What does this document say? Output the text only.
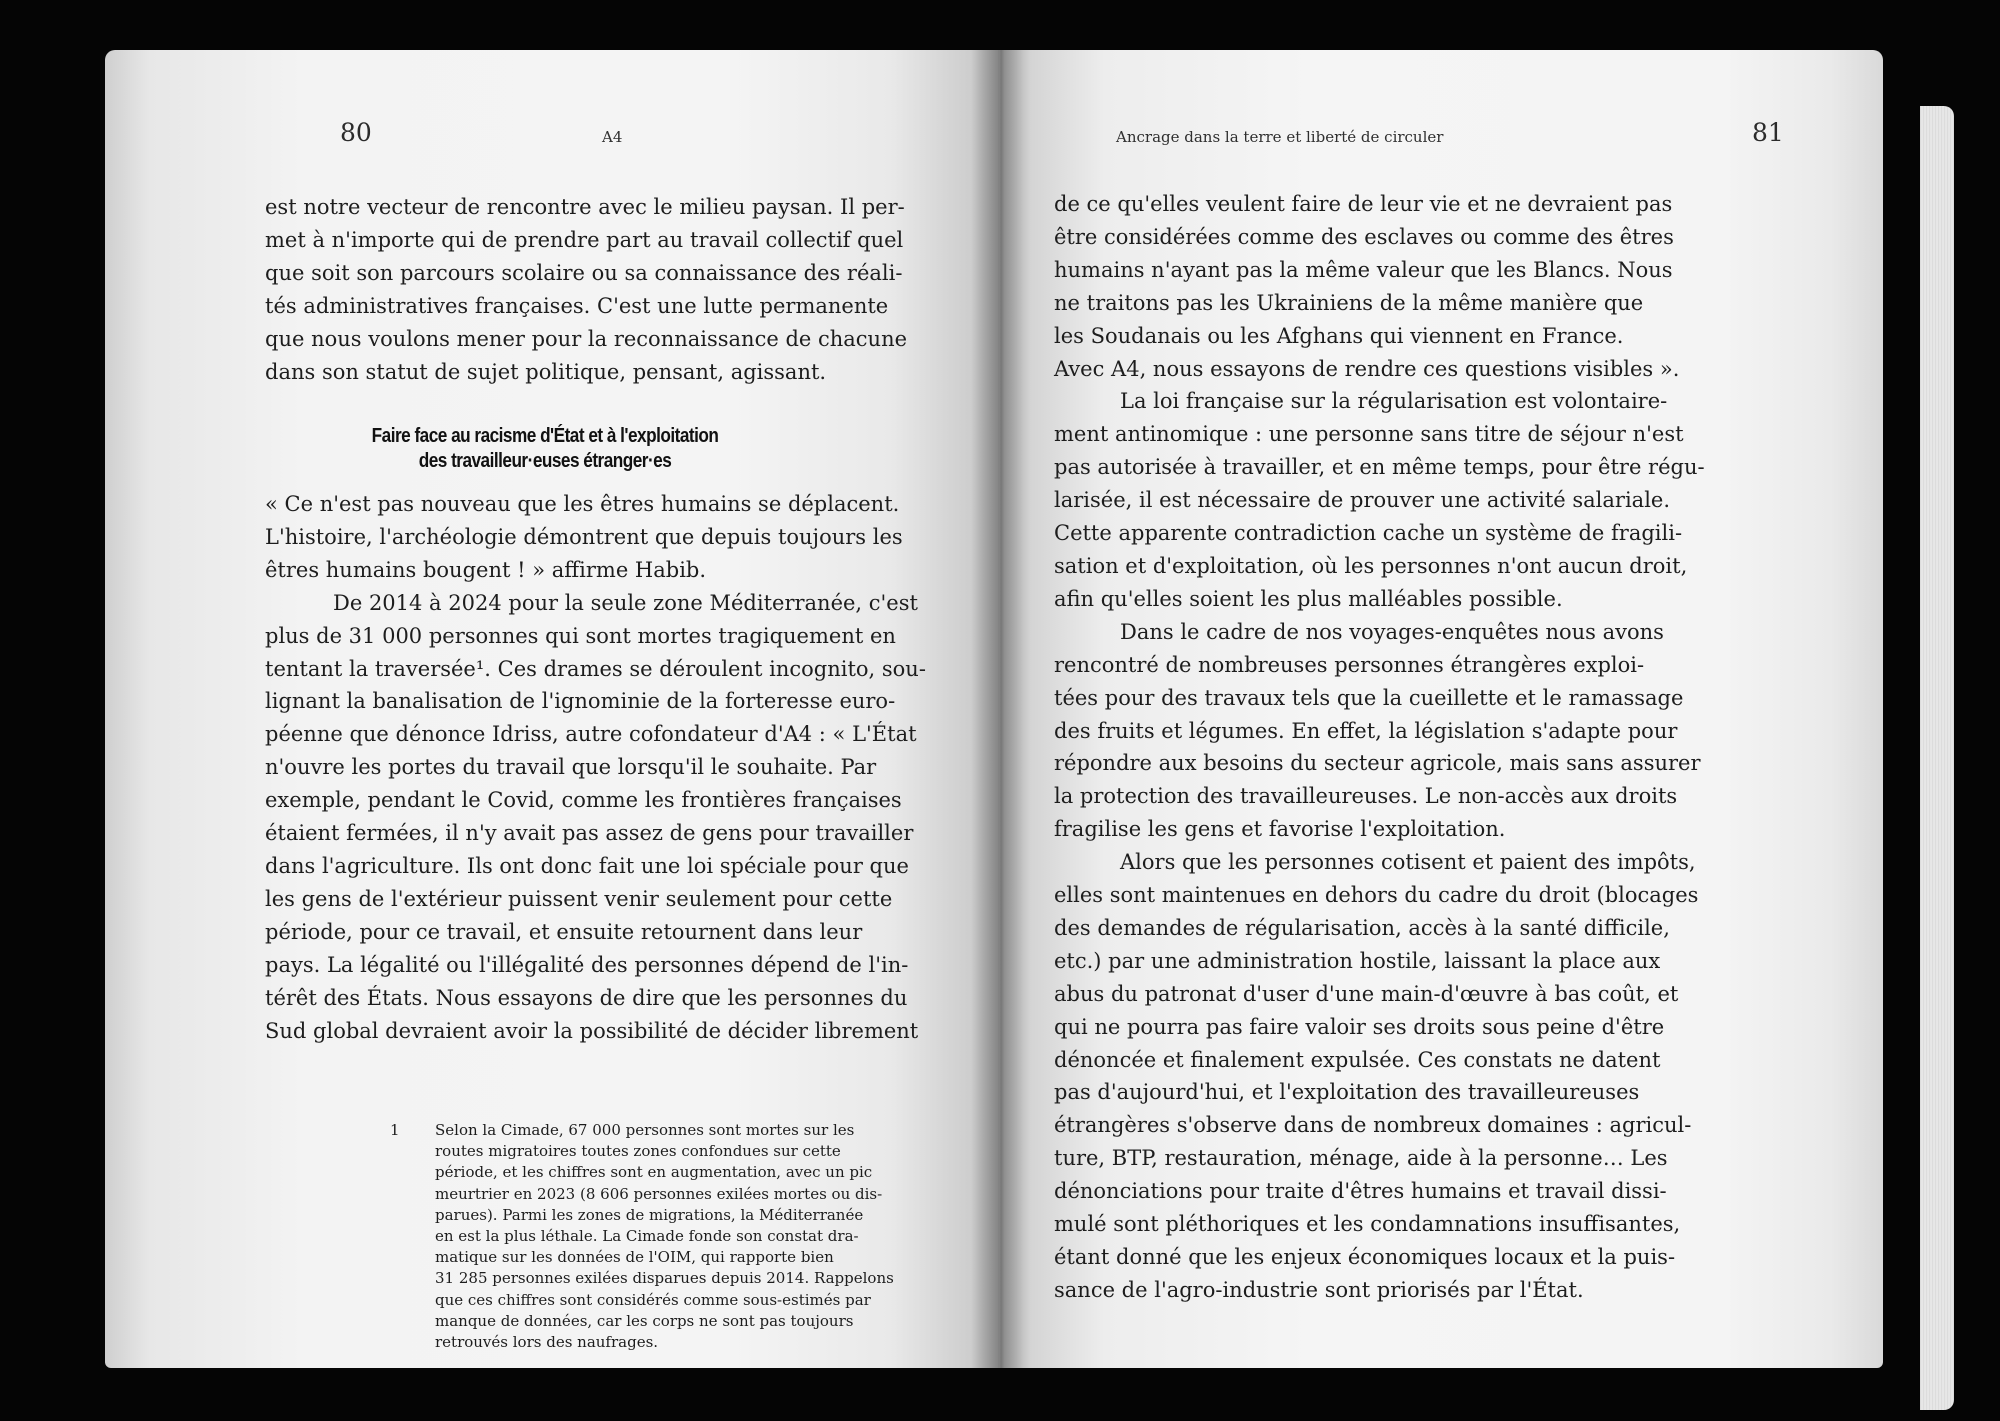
80	A4
est notre vecteur de rencontre avec le milieu paysan. Il per-
met à n'importe qui de prendre part au travail collectif quel
que soit son parcours scolaire ou sa connaissance des réali-
tés administratives françaises. C'est une lutte permanente
que nous voulons mener pour la reconnaissance de chacune
dans son statut de sujet politique, pensant, agissant.
Faire face au racisme d'État et à l'exploitation
des travailleur·euses étranger·es
« Ce n'est pas nouveau que les êtres humains se déplacent.
L'histoire, l'archéologie démontrent que depuis toujours les
êtres humains bougent ! » affirme Habib.
De 2014 à 2024 pour la seule zone Méditerranée, c'est
plus de 31 000 personnes qui sont mortes tragiquement en
tentant la traversée¹. Ces drames se déroulent incognito, sou-
lignant la banalisation de l'ignominie de la forteresse euro-
péenne que dénonce Idriss, autre cofondateur d'A4 : « L'État
n'ouvre les portes du travail que lorsqu'il le souhaite. Par
exemple, pendant le Covid, comme les frontières françaises
étaient fermées, il n'y avait pas assez de gens pour travailler
dans l'agriculture. Ils ont donc fait une loi spéciale pour que
les gens de l'extérieur puissent venir seulement pour cette
période, pour ce travail, et ensuite retournent dans leur
pays. La légalité ou l'illégalité des personnes dépend de l'in-
térêt des États. Nous essayons de dire que les personnes du
Sud global devraient avoir la possibilité de décider librement
1 Selon la Cimade, 67 000 personnes sont mortes sur les
routes migratoires toutes zones confondues sur cette
période, et les chiffres sont en augmentation, avec un pic
meurtrier en 2023 (8 606 personnes exilées mortes ou dis-
parues). Parmi les zones de migrations, la Méditerranée
en est la plus léthale. La Cimade fonde son constat dra-
matique sur les données de l'OIM, qui rapporte bien
31 285 personnes exilées disparues depuis 2014. Rappelons
que ces chiffres sont considérés comme sous-estimés par
manque de données, car les corps ne sont pas toujours
retrouvés lors des naufrages.
Ancrage dans la terre et liberté de circuler	81
de ce qu'elles veulent faire de leur vie et ne devraient pas
être considérées comme des esclaves ou comme des êtres
humains n'ayant pas la même valeur que les Blancs. Nous
ne traitons pas les Ukrainiens de la même manière que
les Soudanais ou les Afghans qui viennent en France.
Avec A4, nous essayons de rendre ces questions visibles ».
La loi française sur la régularisation est volontaire-
ment antinomique : une personne sans titre de séjour n'est
pas autorisée à travailler, et en même temps, pour être régu-
larisée, il est nécessaire de prouver une activité salariale.
Cette apparente contradiction cache un système de fragili-
sation et d'exploitation, où les personnes n'ont aucun droit,
afin qu'elles soient les plus malléables possible.
Dans le cadre de nos voyages-enquêtes nous avons
rencontré de nombreuses personnes étrangères exploi-
tées pour des travaux tels que la cueillette et le ramassage
des fruits et légumes. En effet, la législation s'adapte pour
répondre aux besoins du secteur agricole, mais sans assurer
la protection des travailleureuses. Le non-accès aux droits
fragilise les gens et favorise l'exploitation.
Alors que les personnes cotisent et paient des impôts,
elles sont maintenues en dehors du cadre du droit (blocages
des demandes de régularisation, accès à la santé difficile,
etc.) par une administration hostile, laissant la place aux
abus du patronat d'user d'une main-d'œuvre à bas coût, et
qui ne pourra pas faire valoir ses droits sous peine d'être
dénoncée et finalement expulsée. Ces constats ne datent
pas d'aujourd'hui, et l'exploitation des travailleureuses
étrangères s'observe dans de nombreux domaines : agricul-
ture, BTP, restauration, ménage, aide à la personne… Les
dénonciations pour traite d'êtres humains et travail dissi-
mulé sont pléthoriques et les condamnations insuffisantes,
étant donné que les enjeux économiques locaux et la puis-
sance de l'agro-industrie sont priorisés par l'État.
